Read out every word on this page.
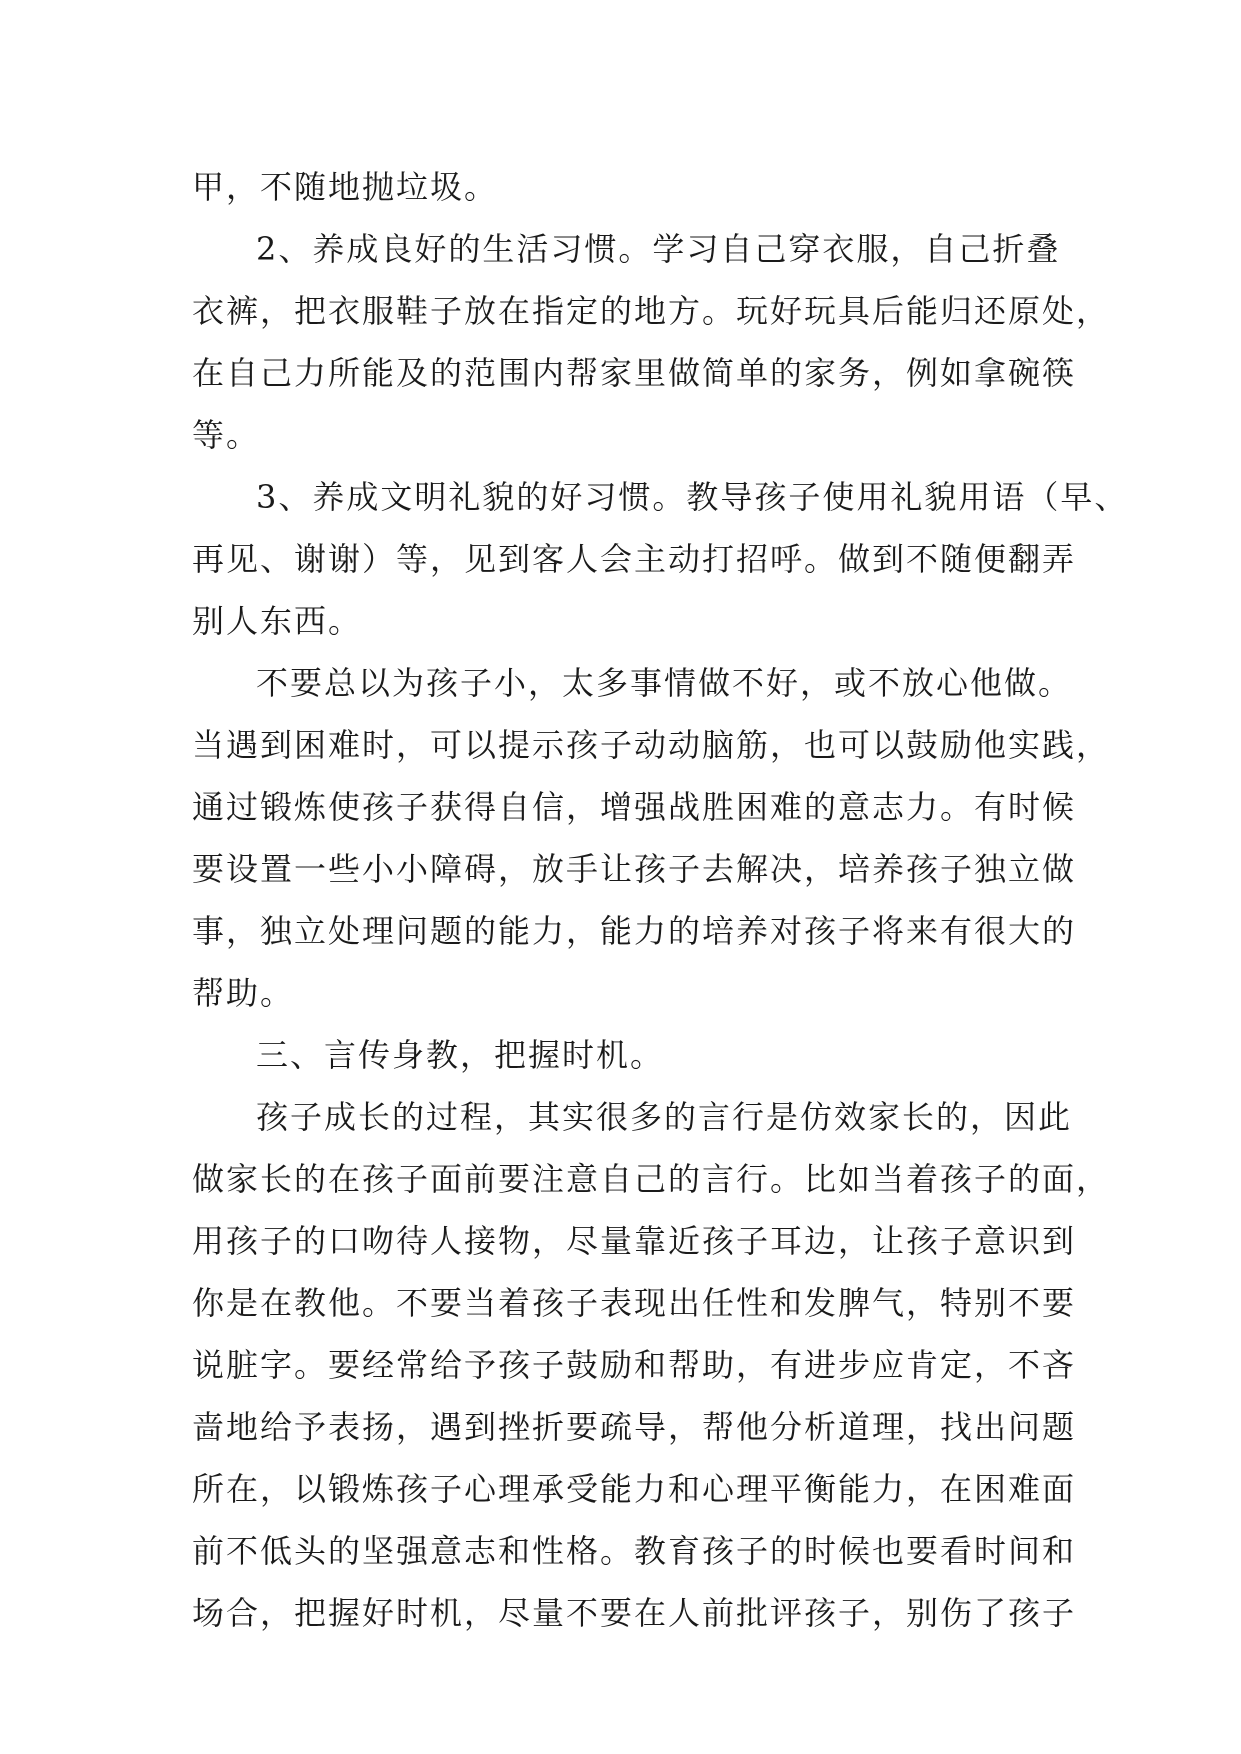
甲，不随地抛垃圾。
2、养成良好的生活习惯。学习自己穿衣服，自己折叠
衣裤，把衣服鞋子放在指定的地方。玩好玩具后能归还原处，
在自己力所能及的范围内帮家里做简单的家务，例如拿碗筷
等。
3、养成文明礼貌的好习惯。教导孩子使用礼貌用语（早、
再见、谢谢）等，见到客人会主动打招呼。做到不随便翻弄
别人东西。
不要总以为孩子小，太多事情做不好，或不放心他做。
当遇到困难时，可以提示孩子动动脑筋，也可以鼓励他实践，
通过锻炼使孩子获得自信，增强战胜困难的意志力。有时候
要设置一些小小障碍，放手让孩子去解决，培养孩子独立做
事，独立处理问题的能力，能力的培养对孩子将来有很大的
帮助。
三、言传身教，把握时机。
孩子成长的过程，其实很多的言行是仿效家长的，因此
做家长的在孩子面前要注意自己的言行。比如当着孩子的面，
用孩子的口吻待人接物，尽量靠近孩子耳边，让孩子意识到
你是在教他。不要当着孩子表现出任性和发脾气，特别不要
说脏字。要经常给予孩子鼓励和帮助，有进步应肯定，不吝
啬地给予表扬，遇到挫折要疏导，帮他分析道理，找出问题
所在，以锻炼孩子心理承受能力和心理平衡能力，在困难面
前不低头的坚强意志和性格。教育孩子的时候也要看时间和
场合，把握好时机，尽量不要在人前批评孩子，别伤了孩子
